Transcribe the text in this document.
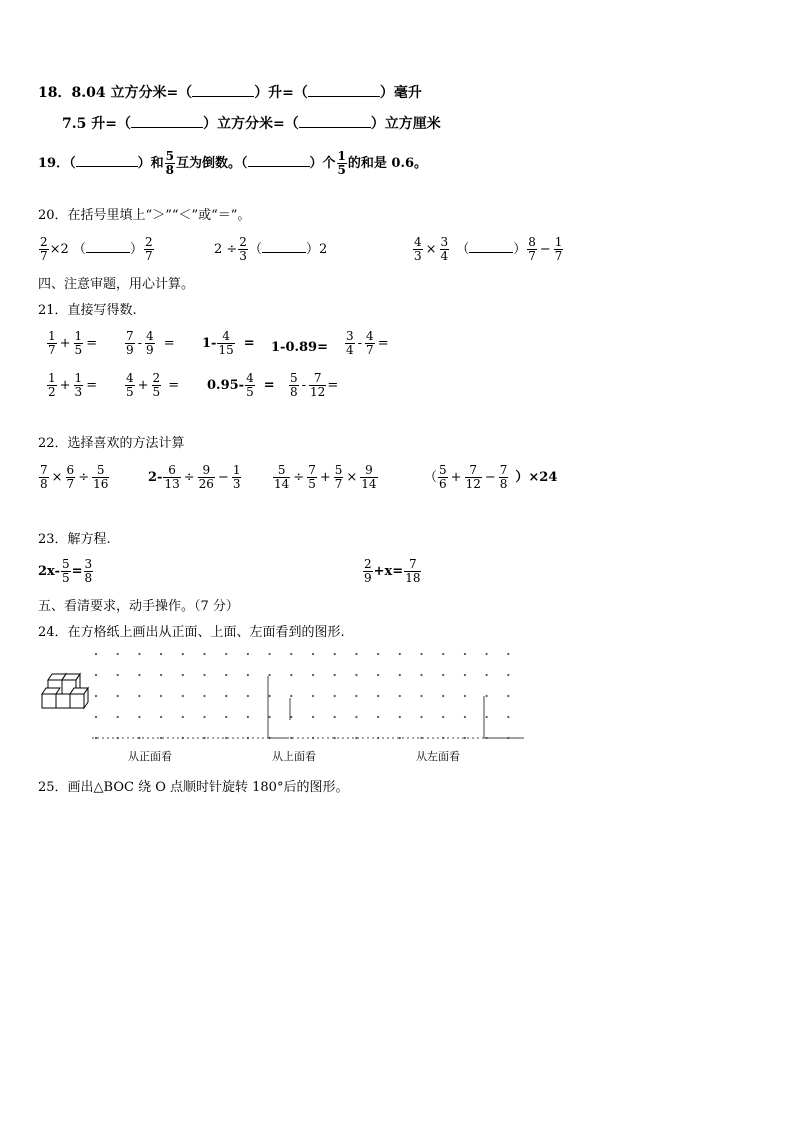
18．8.04 立方分米=（	）升=（	）毫升
7.5 升=（	）立方分米=（	）立方厘米
19．（	）和 $\frac{5}{8}$ 互为倒数。（	）个 $\frac{1}{5}$ 的和是 0.6。
20．在括号里填上“＞”“＜”或“＝”。
$\frac{2}{7} \times 2$ （	） $\frac{2}{7}$	$2 \div \frac{2}{3}$ （	）2	$\frac{4}{3} \times \frac{3}{4}$ （	） $\frac{8}{7} - \frac{1}{7}$
四、注意审题，用心计算。
21．直接写得数.
$\frac{1}{7} + \frac{1}{5} = \frac{7}{9} - \frac{4}{9} = 1- \frac{4}{15} = 1-0.89= \frac{3}{4} - \frac{4}{7}$ =
$\frac{1}{2} + \frac{1}{3} = \frac{4}{5} + \frac{2}{5} = 0.95- \frac{4}{5} = \frac{5}{8} - \frac{7}{12}$ =
22．选择喜欢的方法计算
$\frac{7}{8} \times \frac{6}{7} \div \frac{5}{16}$	$2- \frac{6}{13} \div \frac{9}{26} - \frac{1}{3}$	$\frac{5}{14} \div \frac{7}{5} + \frac{5}{7} \times \frac{9}{14}$	（ $\frac{5}{6} + \frac{7}{12} - \frac{7}{8} )\times 24$
23．解方程.
$2x- \frac{5}{5} = \frac{3}{8}$	$\frac{2}{9} +x= \frac{7}{18}$
五、看清要求，动手操作。（7 分）
24．在方格纸上画出从正面、上面、左面看到的图形.
从正面看	从上面看	从左面看
25．画出△BOC 绕 O 点顺时针旋转 180°后的图形。
